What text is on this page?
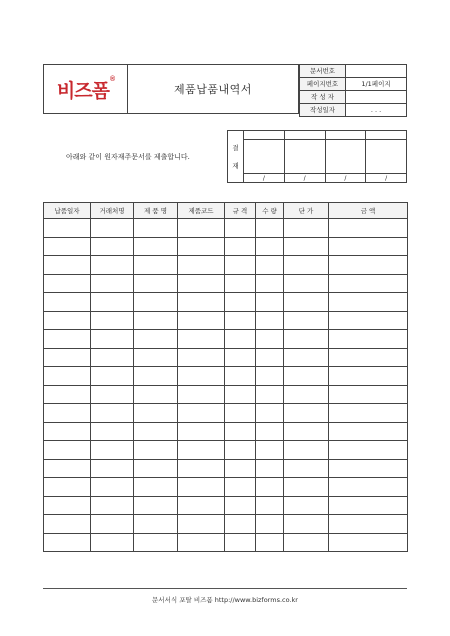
비즈폼®
제품납품내역서
문서번호	
페이지번호	1/1페이지
작 성 자	
작성일자	. . .
아래와 같이 원자재주문서를 제출합니다.
결
재				

	/	/	/	/
납품일자	거래처명	제 품 명	제품코드	규 격	수 량	단 가	금 액

문서서식 포탈 비즈폼 http://www.bizforms.co.kr
